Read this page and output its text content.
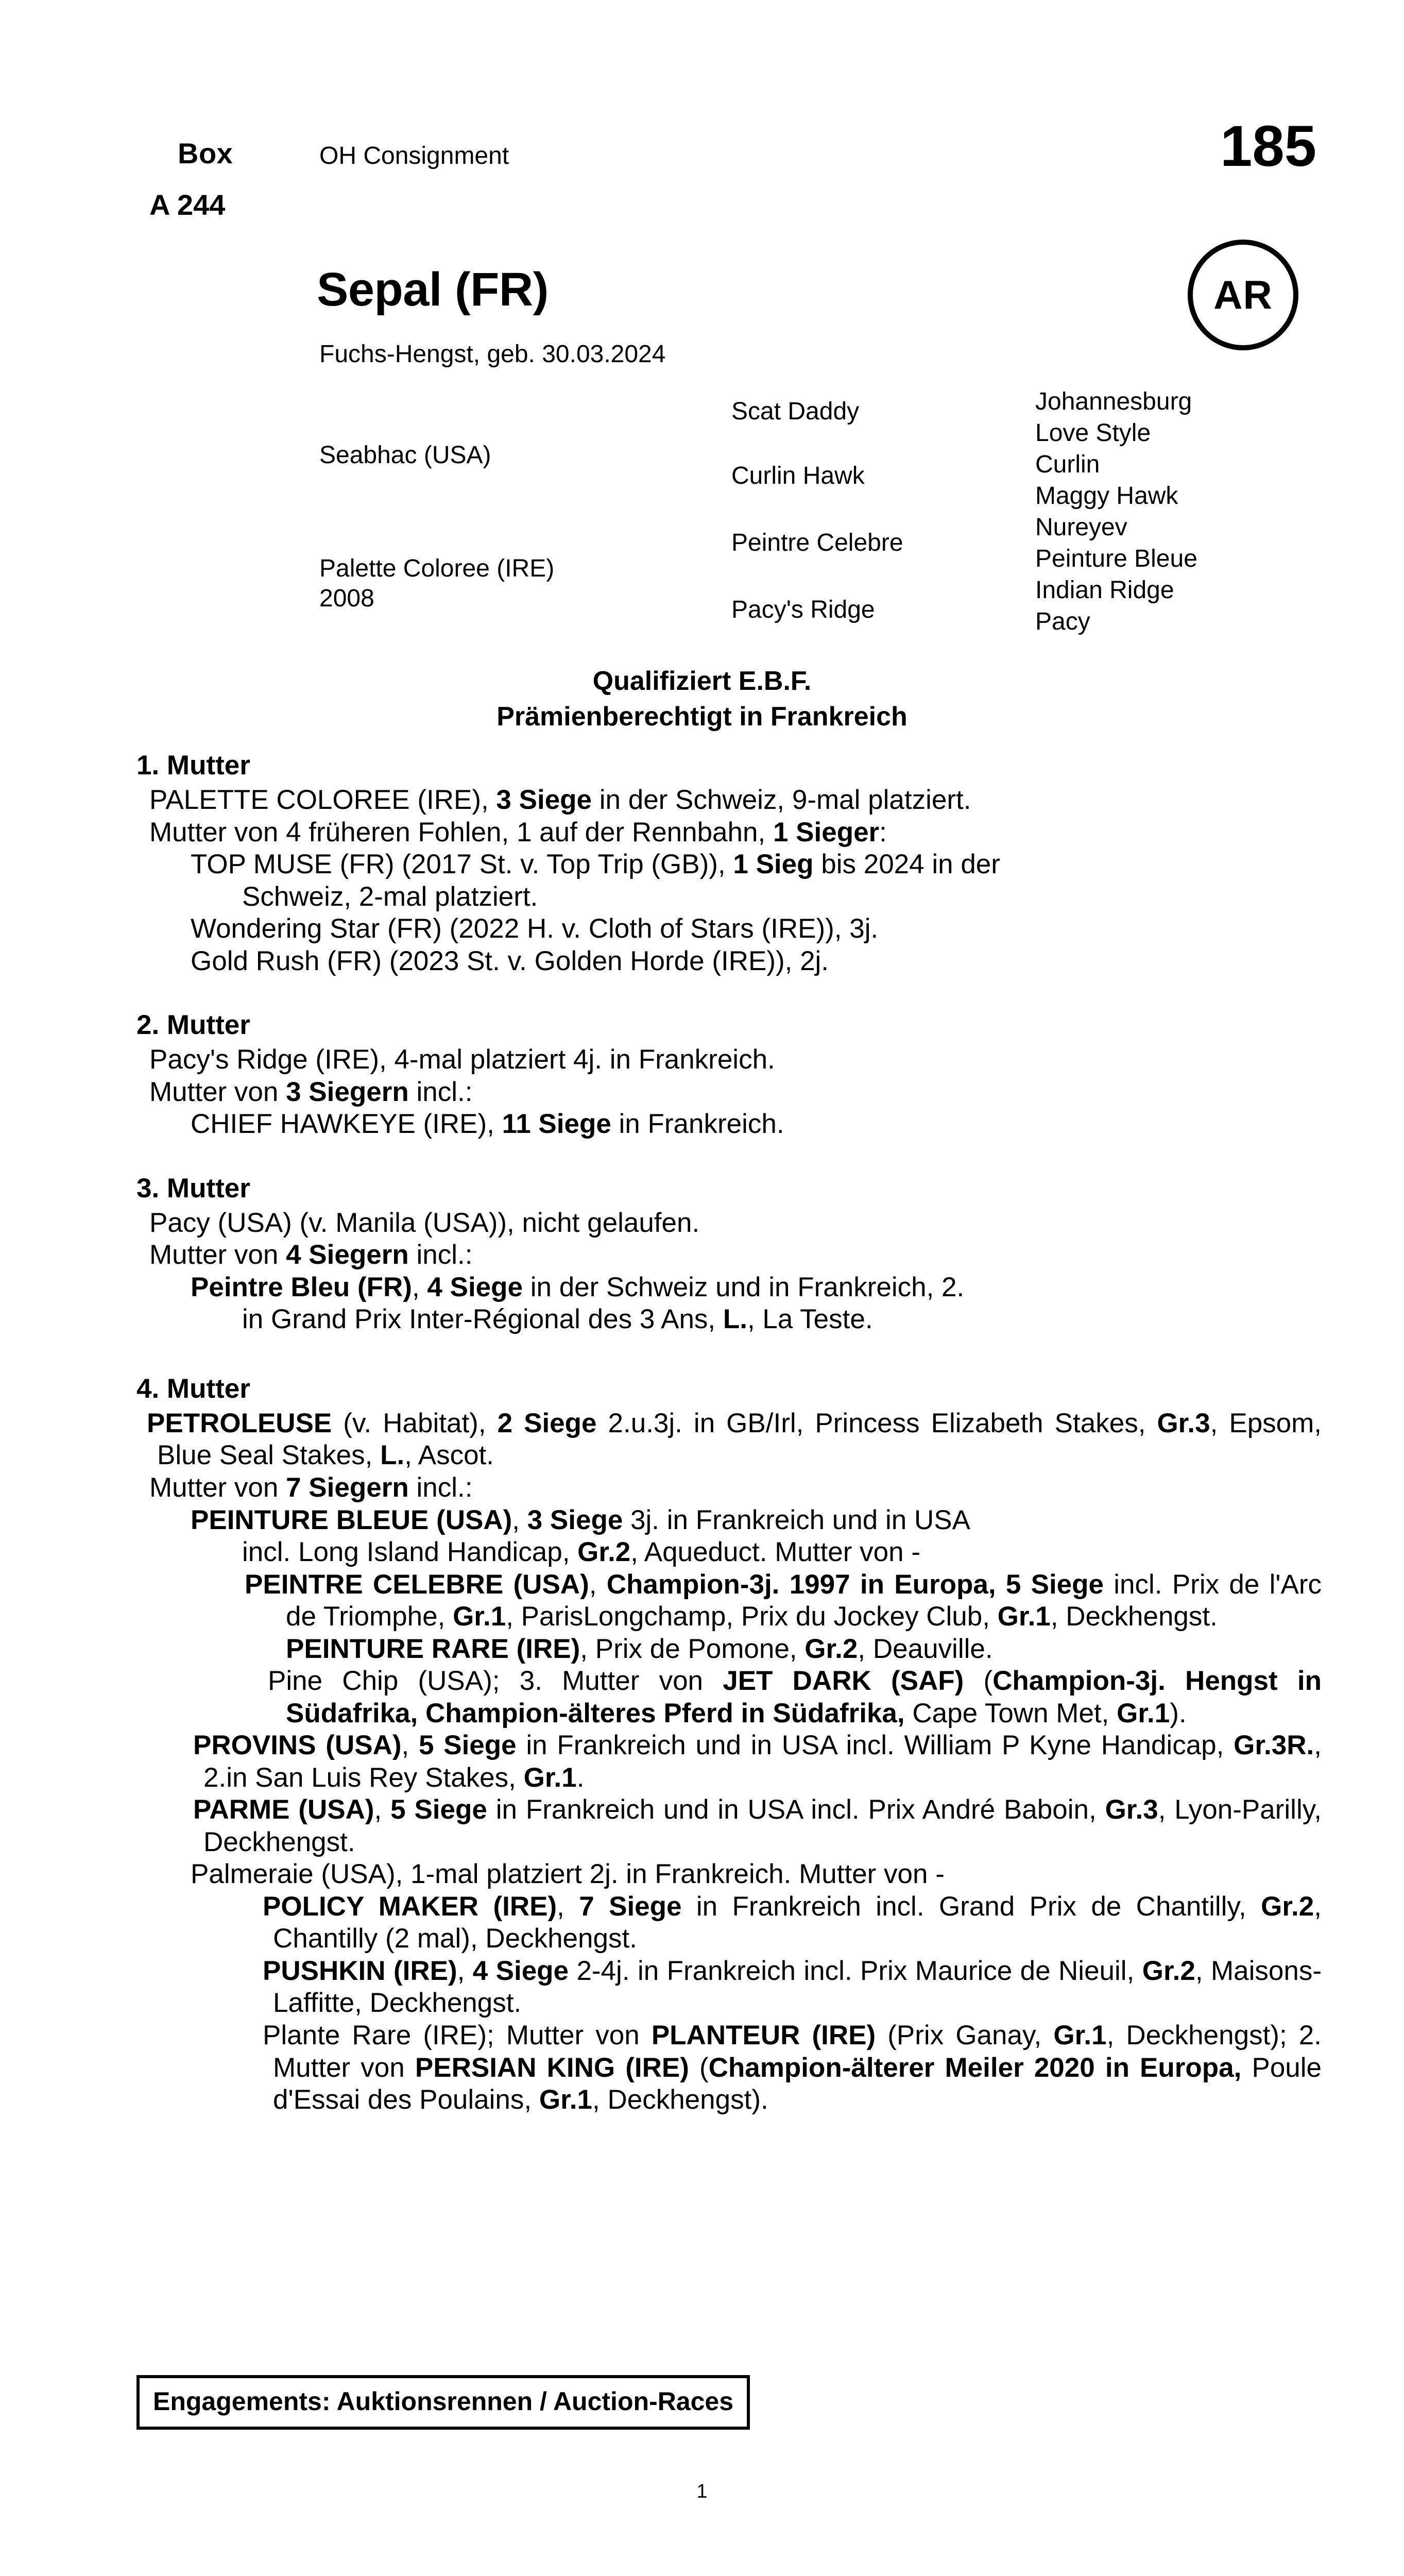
Box
A 244
OH Consignment	185
AR
Sepal (FR)
Fuchs-Hengst, geb. 30.03.2024
Seabhac (USA)
Palette Coloree (IRE)
2008
Scat Daddy
Curlin Hawk
Peintre Celebre
Pacy's Ridge
Johannesburg
Love Style
Curlin
Maggy Hawk
Nureyev
Peinture Bleue
Indian Ridge
Pacy
Qualifiziert E.B.F.
Prämienberechtigt in Frankreich
1. Mutter
PALETTE COLOREE (IRE), 3 Siege in der Schweiz, 9-mal platziert.
Mutter von 4 früheren Fohlen, 1 auf der Rennbahn, 1 Sieger:
TOP MUSE (FR) (2017 St. v. Top Trip (GB)), 1 Sieg bis 2024 in der
Schweiz, 2-mal platziert.
Wondering Star (FR) (2022 H. v. Cloth of Stars (IRE)), 3j.
Gold Rush (FR) (2023 St. v. Golden Horde (IRE)), 2j.
2. Mutter
Pacy's Ridge (IRE), 4-mal platziert 4j. in Frankreich.
Mutter von 3 Siegern incl.:
CHIEF HAWKEYE (IRE), 11 Siege in Frankreich.
3. Mutter
Pacy (USA) (v. Manila (USA)), nicht gelaufen.
Mutter von 4 Siegern incl.:
Peintre Bleu (FR), 4 Siege in der Schweiz und in Frankreich, 2.
in Grand Prix Inter-Régional des 3 Ans, L., La Teste.
4. Mutter
PETROLEUSE (v. Habitat), 2 Siege 2.u.3j. in GB/Irl, Princess Elizabeth Stakes, Gr.3, Epsom, Blue Seal Stakes, L., Ascot.
Mutter von 7 Siegern incl.:
PEINTURE BLEUE (USA), 3 Siege 3j. in Frankreich und in USA
incl. Long Island Handicap, Gr.2, Aqueduct. Mutter von -
PEINTRE CELEBRE (USA), Champion-3j. 1997 in Europa, 5 Siege incl. Prix de l'Arc de Triomphe, Gr.1, ParisLongchamp, Prix du Jockey Club, Gr.1, Deckhengst.
PEINTURE RARE (IRE), Prix de Pomone, Gr.2, Deauville.
Pine Chip (USA); 3. Mutter von JET DARK (SAF) (Champion-3j. Hengst in Südafrika, Champion-älteres Pferd in Südafrika, Cape Town Met, Gr.1).
PROVINS (USA), 5 Siege in Frankreich und in USA incl. William P Kyne Handicap, Gr.3R., 2.in San Luis Rey Stakes, Gr.1.
PARME (USA), 5 Siege in Frankreich und in USA incl. Prix André Baboin, Gr.3, Lyon-Parilly, Deckhengst.
Palmeraie (USA), 1-mal platziert 2j. in Frankreich. Mutter von -
POLICY MAKER (IRE), 7 Siege in Frankreich incl. Grand Prix de Chantilly, Gr.2, Chantilly (2 mal), Deckhengst.
PUSHKIN (IRE), 4 Siege 2-4j. in Frankreich incl. Prix Maurice de Nieuil, Gr.2, Maisons-Laffitte, Deckhengst.
Plante Rare (IRE); Mutter von PLANTEUR (IRE) (Prix Ganay, Gr.1, Deckhengst); 2. Mutter von PERSIAN KING (IRE) (Champion-älterer Meiler 2020 in Europa, Poule d'Essai des Poulains, Gr.1, Deckhengst).
Engagements: Auktionsrennen / Auction-Races
1
